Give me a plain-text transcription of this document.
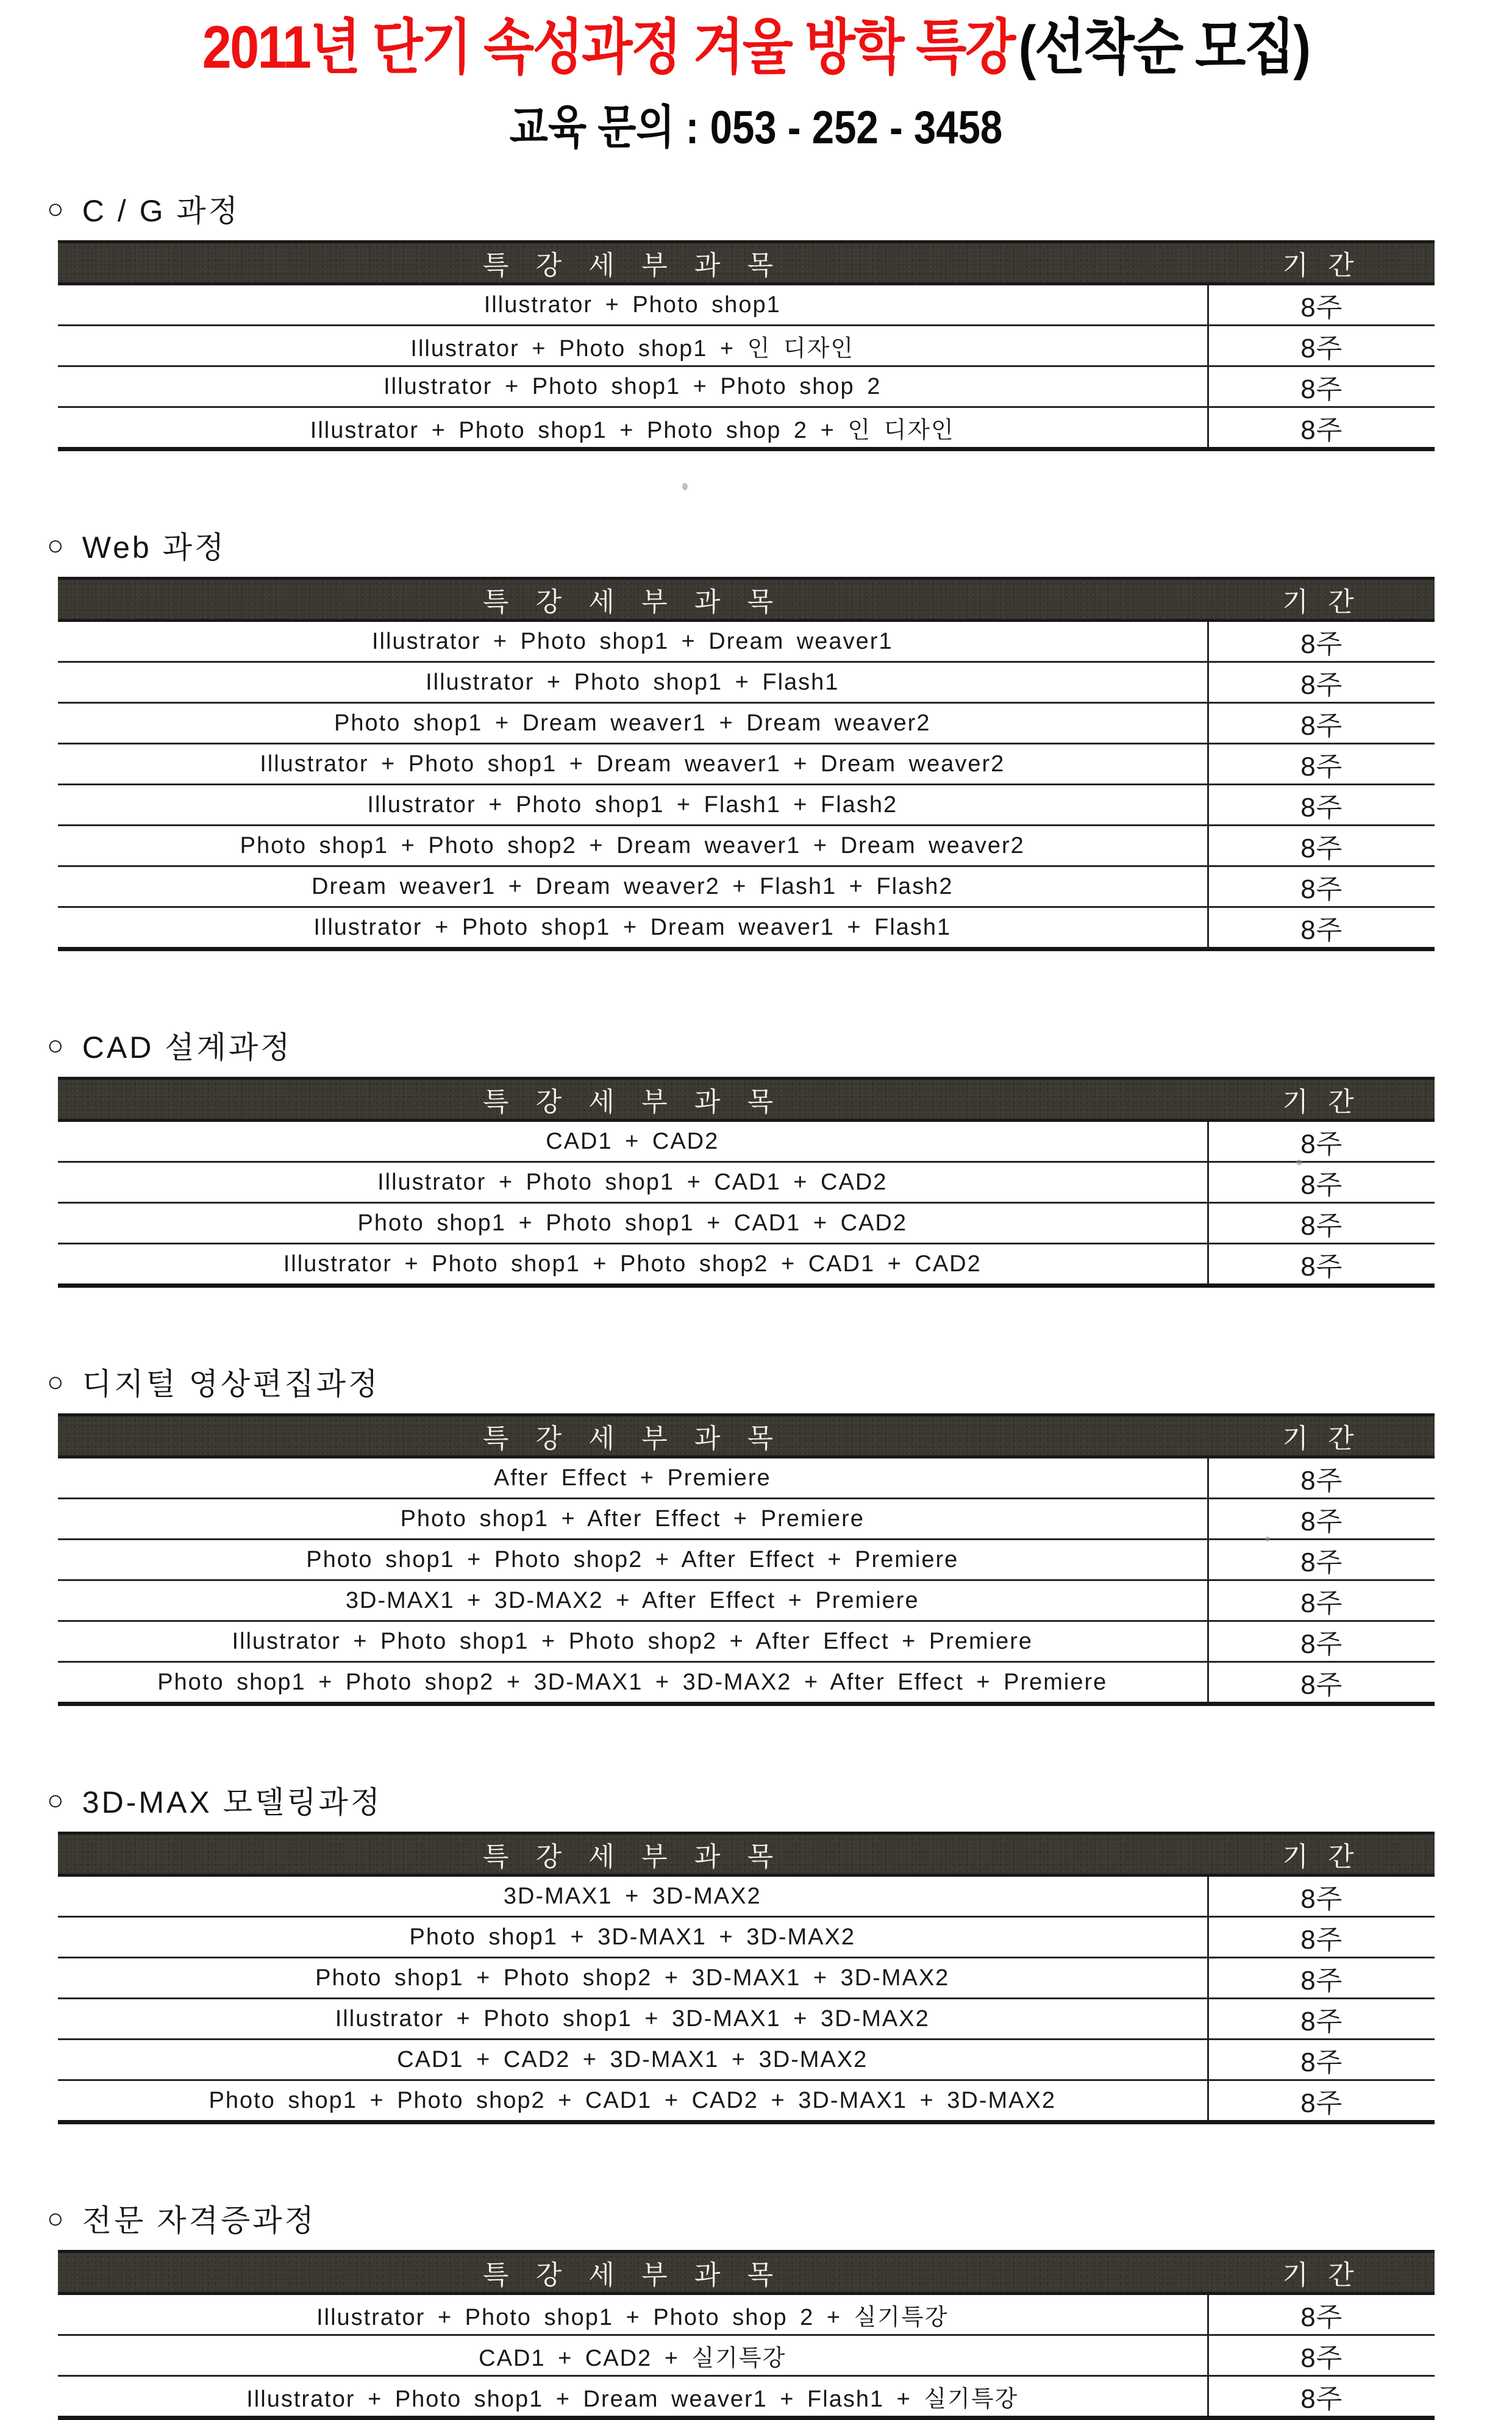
2011년 단기 속성과정 겨울 방학 특강(선착순 모집)
교육 문의 : 053 - 252 - 3458
○ C / G 과정
특 강 세 부 과 목	기 간
Illustrator + Photo shop1	8주
Illustrator + Photo shop1 + 인 디자인	8주
Illustrator + Photo shop1 + Photo shop 2	8주
Illustrator + Photo shop1 + Photo shop 2 + 인 디자인	8주
○ Web 과정
특 강 세 부 과 목	기 간
Illustrator + Photo shop1 + Dream weaver1	8주
Illustrator + Photo shop1 + Flash1	8주
Photo shop1 + Dream weaver1 + Dream weaver2	8주
Illustrator + Photo shop1 + Dream weaver1 + Dream weaver2	8주
Illustrator + Photo shop1 + Flash1 + Flash2	8주
Photo shop1 + Photo shop2 + Dream weaver1 + Dream weaver2	8주
Dream weaver1 + Dream weaver2 + Flash1 + Flash2	8주
Illustrator + Photo shop1 + Dream weaver1 + Flash1	8주
○ CAD 설계과정
특 강 세 부 과 목	기 간
CAD1 + CAD2	8주
Illustrator + Photo shop1 + CAD1 + CAD2	8주
Photo shop1 + Photo shop1 + CAD1 + CAD2	8주
Illustrator + Photo shop1 + Photo shop2 + CAD1 + CAD2	8주
○ 디지털 영상편집과정
특 강 세 부 과 목	기 간
After Effect + Premiere	8주
Photo shop1 + After Effect + Premiere	8주
Photo shop1 + Photo shop2 + After Effect + Premiere	8주
3D-MAX1 + 3D-MAX2 + After Effect + Premiere	8주
Illustrator + Photo shop1 + Photo shop2 + After Effect + Premiere	8주
Photo shop1 + Photo shop2 + 3D-MAX1 + 3D-MAX2 + After Effect + Premiere	8주
○ 3D-MAX 모델링과정
특 강 세 부 과 목	기 간
3D-MAX1 + 3D-MAX2	8주
Photo shop1 + 3D-MAX1 + 3D-MAX2	8주
Photo shop1 + Photo shop2 + 3D-MAX1 + 3D-MAX2	8주
Illustrator + Photo shop1 + 3D-MAX1 + 3D-MAX2	8주
CAD1 + CAD2 + 3D-MAX1 + 3D-MAX2	8주
Photo shop1 + Photo shop2 + CAD1 + CAD2 + 3D-MAX1 + 3D-MAX2	8주
○ 전문 자격증과정
특 강 세 부 과 목	기 간
Illustrator + Photo shop1 + Photo shop 2 + 실기특강	8주
CAD1 + CAD2 + 실기특강	8주
Illustrator + Photo shop1 + Dream weaver1 + Flash1 + 실기특강	8주
